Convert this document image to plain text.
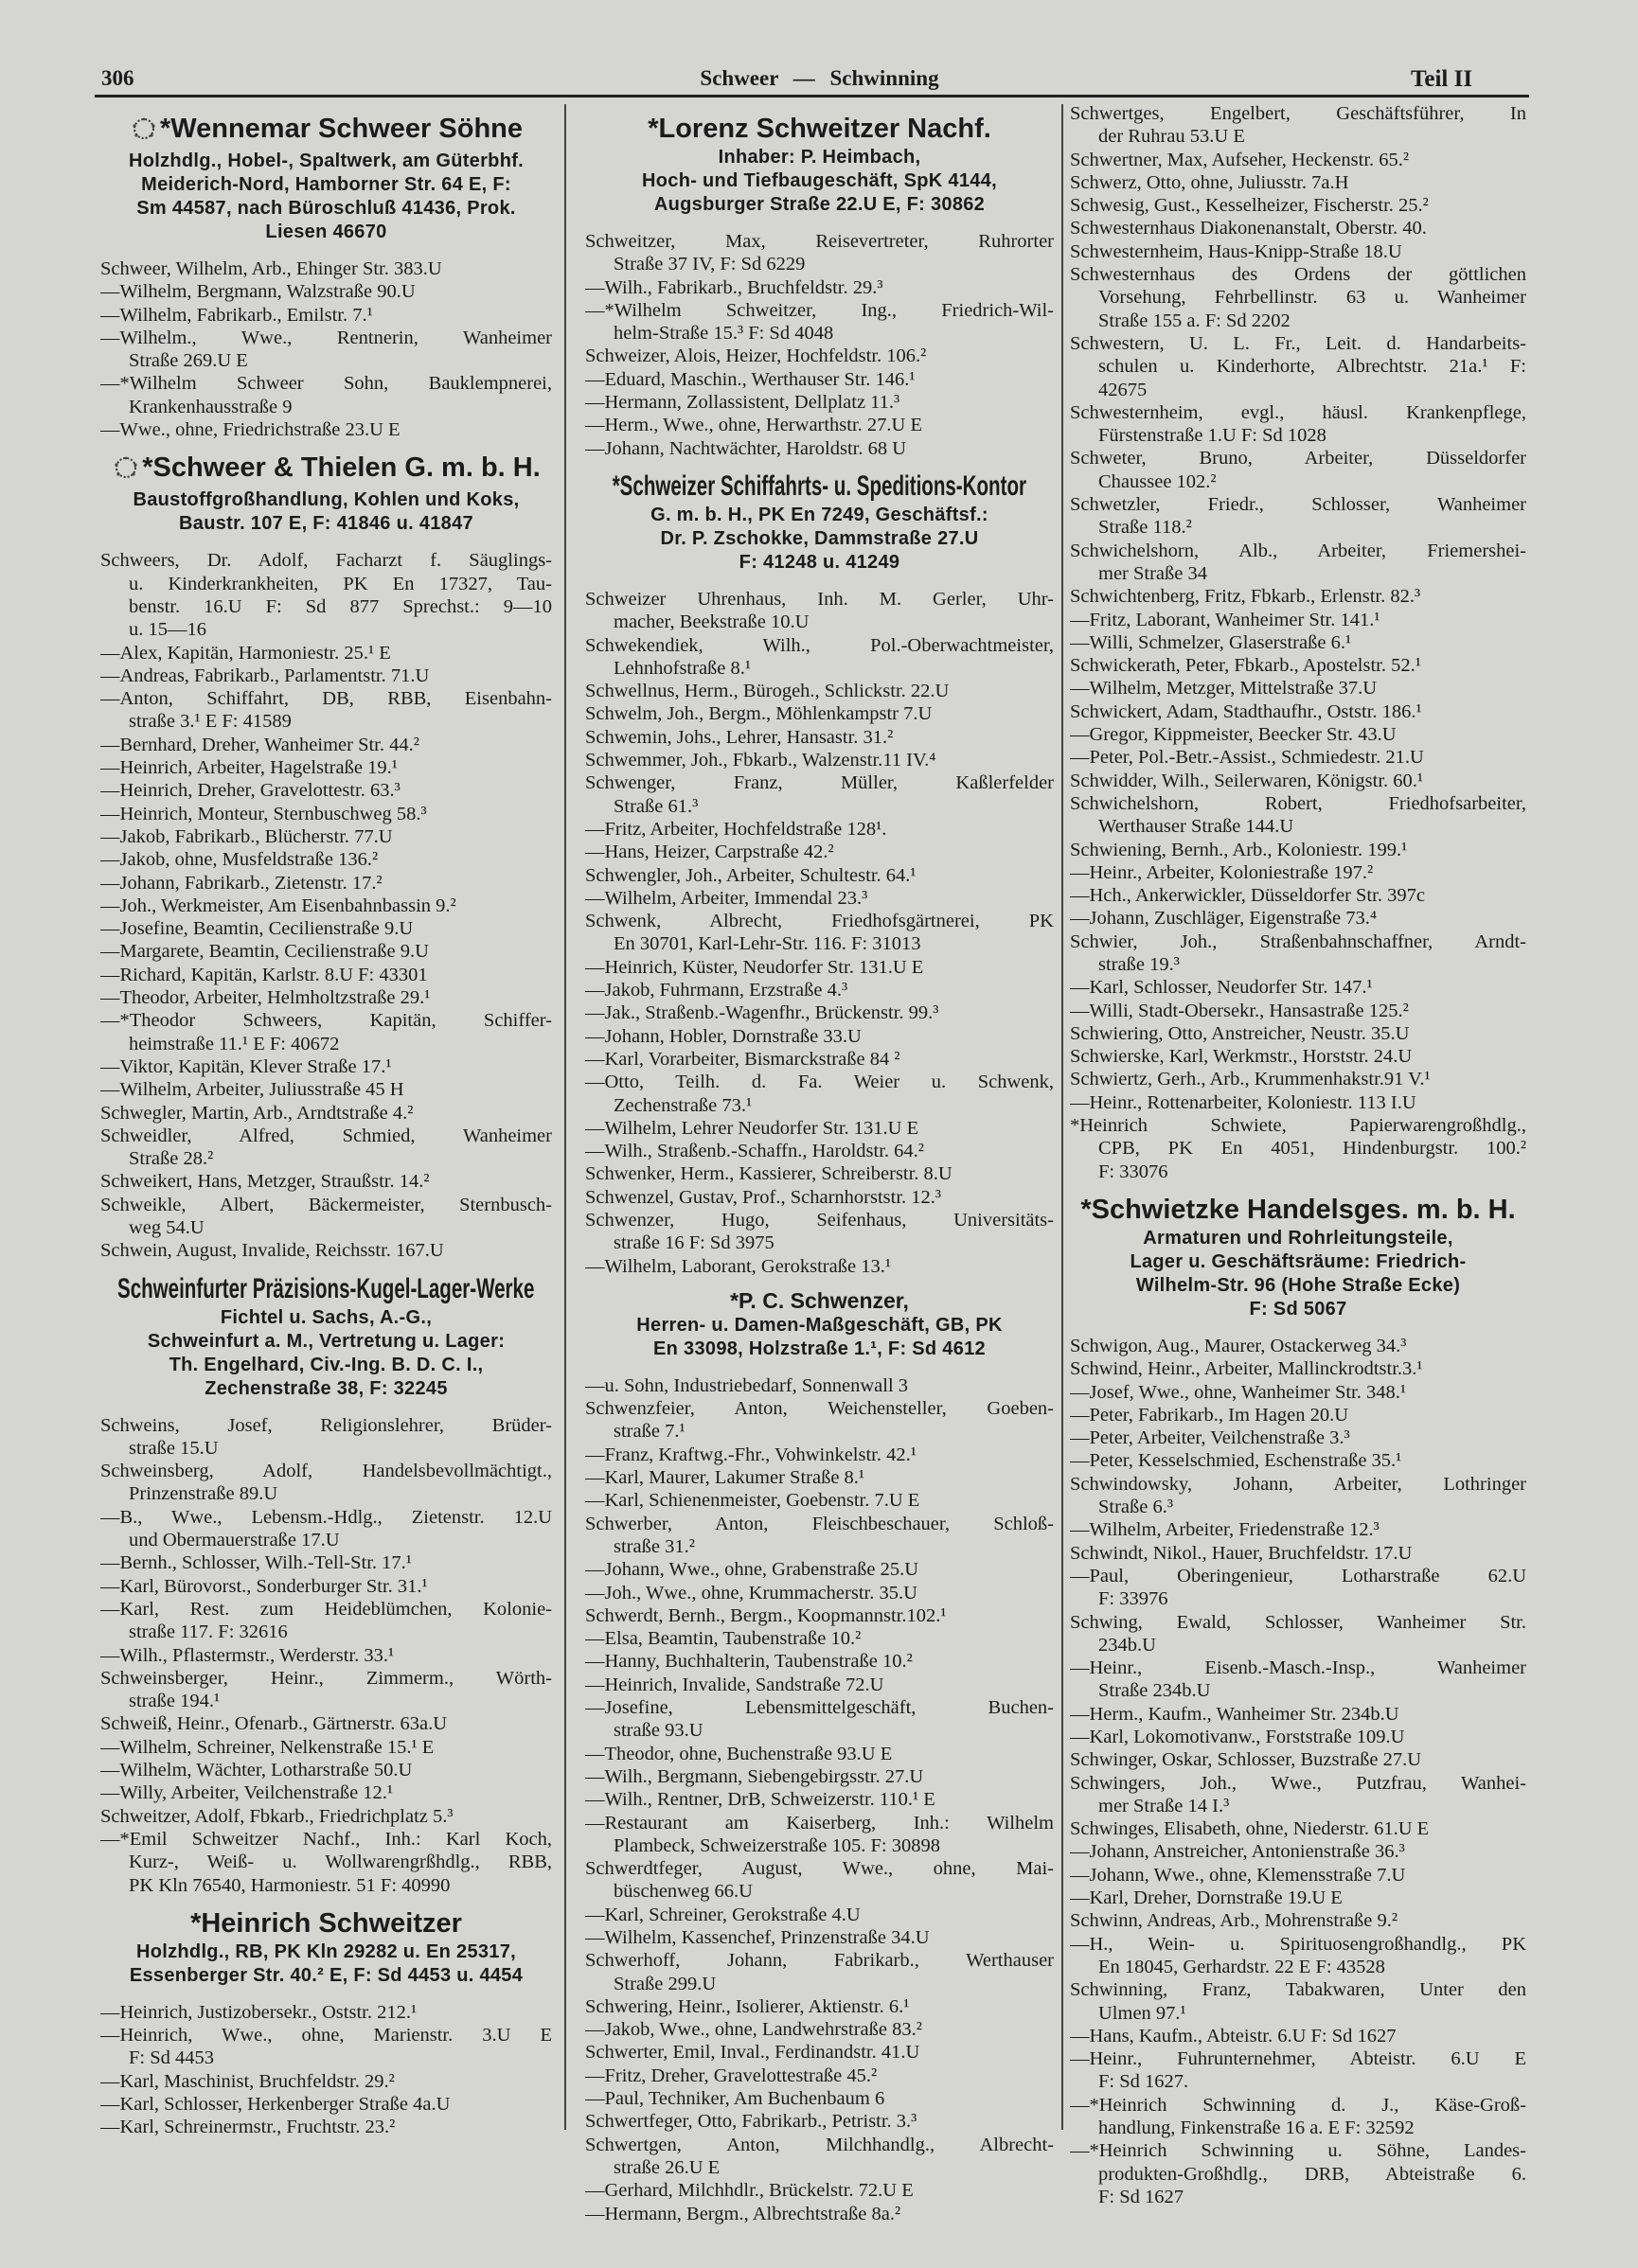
306	Schweer — Schwinning	Teil II
*Wennemar Schweer Söhne
Holzhdlg., Hobel-, Spaltwerk, am Güterbhf.
Meiderich-Nord, Hamborner Str. 64 E, F:
Sm 44587, nach Büroschluß 41436, Prok.
Liesen 46670
Schweer, Wilhelm, Arb., Ehinger Str. 383.U
—Wilhelm, Bergmann, Walzstraße 90.U
—Wilhelm, Fabrikarb., Emilstr. 7.¹
—Wilhelm., Wwe., Rentnerin, Wanheimer
Straße 269.U E
—*Wilhelm Schweer Sohn, Bauklempnerei,
Krankenhausstraße 9
—Wwe., ohne, Friedrichstraße 23.U E
*Schweer & Thielen G. m. b. H.
Baustoffgroßhandlung, Kohlen und Koks,
Baustr. 107 E, F: 41846 u. 41847
Schweers, Dr. Adolf, Facharzt f. Säuglings-
u. Kinderkrankheiten, PK En 17327, Tau-
benstr. 16.U F: Sd 877 Sprechst.: 9—10
u. 15—16
—Alex, Kapitän, Harmoniestr. 25.¹ E
—Andreas, Fabrikarb., Parlamentstr. 71.U
—Anton, Schiffahrt, DB, RBB, Eisenbahn-
straße 3.¹ E F: 41589
—Bernhard, Dreher, Wanheimer Str. 44.²
—Heinrich, Arbeiter, Hagelstraße 19.¹
—Heinrich, Dreher, Gravelottestr. 63.³
—Heinrich, Monteur, Sternbuschweg 58.³
—Jakob, Fabrikarb., Blücherstr. 77.U
—Jakob, ohne, Musfeldstraße 136.²
—Johann, Fabrikarb., Zietenstr. 17.²
—Joh., Werkmeister, Am Eisenbahnbassin 9.²
—Josefine, Beamtin, Cecilienstraße 9.U
—Margarete, Beamtin, Cecilienstraße 9.U
—Richard, Kapitän, Karlstr. 8.U F: 43301
—Theodor, Arbeiter, Helmholtzstraße 29.¹
—*Theodor Schweers, Kapitän, Schiffer-
heimstraße 11.¹ E F: 40672
—Viktor, Kapitän, Klever Straße 17.¹
—Wilhelm, Arbeiter, Juliusstraße 45 H
Schwegler, Martin, Arb., Arndtstraße 4.²
Schweidler, Alfred, Schmied, Wanheimer
Straße 28.²
Schweikert, Hans, Metzger, Straußstr. 14.²
Schweikle, Albert, Bäckermeister, Sternbusch-
weg 54.U
Schwein, August, Invalide, Reichsstr. 167.U
Schweinfurter Präzisions-Kugel-Lager-Werke
Fichtel u. Sachs, A.-G.,
Schweinfurt a. M., Vertretung u. Lager:
Th. Engelhard, Civ.-Ing. B. D. C. I.,
Zechenstraße 38, F: 32245
Schweins, Josef, Religionslehrer, Brüder-
straße 15.U
Schweinsberg, Adolf, Handelsbevollmächtigt.,
Prinzenstraße 89.U
—B., Wwe., Lebensm.-Hdlg., Zietenstr. 12.U
und Obermauerstraße 17.U
—Bernh., Schlosser, Wilh.-Tell-Str. 17.¹
—Karl, Bürovorst., Sonderburger Str. 31.¹
—Karl, Rest. zum Heideblümchen, Kolonie-
straße 117. F: 32616
—Wilh., Pflastermstr., Werderstr. 33.¹
Schweinsberger, Heinr., Zimmerm., Wörth-
straße 194.¹
Schweiß, Heinr., Ofenarb., Gärtnerstr. 63a.U
—Wilhelm, Schreiner, Nelkenstraße 15.¹ E
—Wilhelm, Wächter, Lotharstraße 50.U
—Willy, Arbeiter, Veilchenstraße 12.¹
Schweitzer, Adolf, Fbkarb., Friedrichplatz 5.³
—*Emil Schweitzer Nachf., Inh.: Karl Koch,
Kurz-, Weiß- u. Wollwarengrßhdlg., RBB,
PK Kln 76540, Harmoniestr. 51 F: 40990
*Heinrich Schweitzer
Holzhdlg., RB, PK Kln 29282 u. En 25317,
Essenberger Str. 40.² E, F: Sd 4453 u. 4454
—Heinrich, Justizobersekr., Oststr. 212.¹
—Heinrich, Wwe., ohne, Marienstr. 3.U E
F: Sd 4453
—Karl, Maschinist, Bruchfeldstr. 29.²
—Karl, Schlosser, Herkenberger Straße 4a.U
—Karl, Schreinermstr., Fruchtstr. 23.²
*Lorenz Schweitzer Nachf.
Inhaber: P. Heimbach,
Hoch- und Tiefbaugeschäft, SpK 4144,
Augsburger Straße 22.U E, F: 30862
Schweitzer, Max, Reisevertreter, Ruhrorter
Straße 37 IV, F: Sd 6229
—Wilh., Fabrikarb., Bruchfeldstr. 29.³
—*Wilhelm Schweitzer, Ing., Friedrich-Wil-
helm-Straße 15.³ F: Sd 4048
Schweizer, Alois, Heizer, Hochfeldstr. 106.²
—Eduard, Maschin., Werthauser Str. 146.¹
—Hermann, Zollassistent, Dellplatz 11.³
—Herm., Wwe., ohne, Herwarthstr. 27.U E
—Johann, Nachtwächter, Haroldstr. 68 U
*Schweizer Schiffahrts- u. Speditions-Kontor
G. m. b. H., PK En 7249, Geschäftsf.:
Dr. P. Zschokke, Dammstraße 27.U
F: 41248 u. 41249
Schweizer Uhrenhaus, Inh. M. Gerler, Uhr-
macher, Beekstraße 10.U
Schwekendiek, Wilh., Pol.-Oberwachtmeister,
Lehnhofstraße 8.¹
Schwellnus, Herm., Bürogeh., Schlickstr. 22.U
Schwelm, Joh., Bergm., Möhlenkampstr 7.U
Schwemin, Johs., Lehrer, Hansastr. 31.²
Schwemmer, Joh., Fbkarb., Walzenstr.11 IV.⁴
Schwenger, Franz, Müller, Kaßlerfelder
Straße 61.³
—Fritz, Arbeiter, Hochfeldstraße 128¹.
—Hans, Heizer, Carpstraße 42.²
Schwengler, Joh., Arbeiter, Schultestr. 64.¹
—Wilhelm, Arbeiter, Immendal 23.³
Schwenk, Albrecht, Friedhofsgärtnerei, PK
En 30701, Karl-Lehr-Str. 116. F: 31013
—Heinrich, Küster, Neudorfer Str. 131.U E
—Jakob, Fuhrmann, Erzstraße 4.³
—Jak., Straßenb.-Wagenfhr., Brückenstr. 99.³
—Johann, Hobler, Dornstraße 33.U
—Karl, Vorarbeiter, Bismarckstraße 84 ²
—Otto, Teilh. d. Fa. Weier u. Schwenk,
Zechenstraße 73.¹
—Wilhelm, Lehrer Neudorfer Str. 131.U E
—Wilh., Straßenb.-Schaffn., Haroldstr. 64.²
Schwenker, Herm., Kassierer, Schreiberstr. 8.U
Schwenzel, Gustav, Prof., Scharnhorststr. 12.³
Schwenzer, Hugo, Seifenhaus, Universitäts-
straße 16 F: Sd 3975
—Wilhelm, Laborant, Gerokstraße 13.¹
*P. C. Schwenzer,
Herren- u. Damen-Maßgeschäft, GB, PK
En 33098, Holzstraße 1.¹, F: Sd 4612
—u. Sohn, Industriebedarf, Sonnenwall 3
Schwenzfeier, Anton, Weichensteller, Goeben-
straße 7.¹
—Franz, Kraftwg.-Fhr., Vohwinkelstr. 42.¹
—Karl, Maurer, Lakumer Straße 8.¹
—Karl, Schienenmeister, Goebenstr. 7.U E
Schwerber, Anton, Fleischbeschauer, Schloß-
straße 31.²
—Johann, Wwe., ohne, Grabenstraße 25.U
—Joh., Wwe., ohne, Krummacherstr. 35.U
Schwerdt, Bernh., Bergm., Koopmannstr.102.¹
—Elsa, Beamtin, Taubenstraße 10.²
—Hanny, Buchhalterin, Taubenstraße 10.²
—Heinrich, Invalide, Sandstraße 72.U
—Josefine, Lebensmittelgeschäft, Buchen-
straße 93.U
—Theodor, ohne, Buchenstraße 93.U E
—Wilh., Bergmann, Siebengebirgsstr. 27.U
—Wilh., Rentner, DrB, Schweizerstr. 110.¹ E
—Restaurant am Kaiserberg, Inh.: Wilhelm
Plambeck, Schweizerstraße 105. F: 30898
Schwerdtfeger, August, Wwe., ohne, Mai-
büschenweg 66.U
—Karl, Schreiner, Gerokstraße 4.U
—Wilhelm, Kassenchef, Prinzenstraße 34.U
Schwerhoff, Johann, Fabrikarb., Werthauser
Straße 299.U
Schwering, Heinr., Isolierer, Aktienstr. 6.¹
—Jakob, Wwe., ohne, Landwehrstraße 83.²
Schwerter, Emil, Inval., Ferdinandstr. 41.U
—Fritz, Dreher, Gravelottestraße 45.²
—Paul, Techniker, Am Buchenbaum 6
Schwertfeger, Otto, Fabrikarb., Petristr. 3.³
Schwertgen, Anton, Milchhandlg., Albrecht-
straße 26.U E
—Gerhard, Milchhdlr., Brückelstr. 72.U E
—Hermann, Bergm., Albrechtstraße 8a.²
Schwertges, Engelbert, Geschäftsführer, In
der Ruhrau 53.U E
Schwertner, Max, Aufseher, Heckenstr. 65.²
Schwerz, Otto, ohne, Juliusstr. 7a.H
Schwesig, Gust., Kesselheizer, Fischerstr. 25.²
Schwesternhaus Diakonenanstalt, Oberstr. 40.
Schwesternheim, Haus-Knipp-Straße 18.U
Schwesternhaus des Ordens der göttlichen
Vorsehung, Fehrbellinstr. 63 u. Wanheimer
Straße 155 a. F: Sd 2202
Schwestern, U. L. Fr., Leit. d. Handarbeits-
schulen u. Kinderhorte, Albrechtstr. 21a.¹ F:
42675
Schwesternheim, evgl., häusl. Krankenpflege,
Fürstenstraße 1.U F: Sd 1028
Schweter, Bruno, Arbeiter, Düsseldorfer
Chaussee 102.²
Schwetzler, Friedr., Schlosser, Wanheimer
Straße 118.²
Schwichelshorn, Alb., Arbeiter, Friemershei-
mer Straße 34
Schwichtenberg, Fritz, Fbkarb., Erlenstr. 82.³
—Fritz, Laborant, Wanheimer Str. 141.¹
—Willi, Schmelzer, Glaserstraße 6.¹
Schwickerath, Peter, Fbkarb., Apostelstr. 52.¹
—Wilhelm, Metzger, Mittelstraße 37.U
Schwickert, Adam, Stadthaufhr., Oststr. 186.¹
—Gregor, Kippmeister, Beecker Str. 43.U
—Peter, Pol.-Betr.-Assist., Schmiedestr. 21.U
Schwidder, Wilh., Seilerwaren, Königstr. 60.¹
Schwichelshorn, Robert, Friedhofsarbeiter,
Werthauser Straße 144.U
Schwiening, Bernh., Arb., Koloniestr. 199.¹
—Heinr., Arbeiter, Koloniestraße 197.²
—Hch., Ankerwickler, Düsseldorfer Str. 397c
—Johann, Zuschläger, Eigenstraße 73.⁴
Schwier, Joh., Straßenbahnschaffner, Arndt-
straße 19.³
—Karl, Schlosser, Neudorfer Str. 147.¹
—Willi, Stadt-Obersekr., Hansastraße 125.²
Schwiering, Otto, Anstreicher, Neustr. 35.U
Schwierske, Karl, Werkmstr., Horststr. 24.U
Schwiertz, Gerh., Arb., Krummenhakstr.91 V.¹
—Heinr., Rottenarbeiter, Koloniestr. 113 I.U
*Heinrich Schwiete, Papierwarengroßhdlg.,
CPB, PK En 4051, Hindenburgstr. 100.²
F: 33076
*Schwietzke Handelsges. m. b. H.
Armaturen und Rohrleitungsteile,
Lager u. Geschäftsräume: Friedrich-
Wilhelm-Str. 96 (Hohe Straße Ecke)
F: Sd 5067
Schwigon, Aug., Maurer, Ostackerweg 34.³
Schwind, Heinr., Arbeiter, Mallinckrodtstr.3.¹
—Josef, Wwe., ohne, Wanheimer Str. 348.¹
—Peter, Fabrikarb., Im Hagen 20.U
—Peter, Arbeiter, Veilchenstraße 3.³
—Peter, Kesselschmied, Eschenstraße 35.¹
Schwindowsky, Johann, Arbeiter, Lothringer
Straße 6.³
—Wilhelm, Arbeiter, Friedenstraße 12.³
Schwindt, Nikol., Hauer, Bruchfeldstr. 17.U
—Paul, Oberingenieur, Lotharstraße 62.U
F: 33976
Schwing, Ewald, Schlosser, Wanheimer Str.
234b.U
—Heinr., Eisenb.-Masch.-Insp., Wanheimer
Straße 234b.U
—Herm., Kaufm., Wanheimer Str. 234b.U
—Karl, Lokomotivanw., Forststraße 109.U
Schwinger, Oskar, Schlosser, Buzstraße 27.U
Schwingers, Joh., Wwe., Putzfrau, Wanhei-
mer Straße 14 I.³
Schwinges, Elisabeth, ohne, Niederstr. 61.U E
—Johann, Anstreicher, Antonienstraße 36.³
—Johann, Wwe., ohne, Klemensstraße 7.U
—Karl, Dreher, Dornstraße 19.U E
Schwinn, Andreas, Arb., Mohrenstraße 9.²
—H., Wein- u. Spirituosengroßhandlg., PK
En 18045, Gerhardstr. 22 E F: 43528
Schwinning, Franz, Tabakwaren, Unter den
Ulmen 97.¹
—Hans, Kaufm., Abteistr. 6.U F: Sd 1627
—Heinr., Fuhrunternehmer, Abteistr. 6.U E
F: Sd 1627.
—*Heinrich Schwinning d. J., Käse-Groß-
handlung, Finkenstraße 16 a. E F: 32592
—*Heinrich Schwinning u. Söhne, Landes-
produkten-Großhdlg., DRB, Abteistraße 6.
F: Sd 1627
